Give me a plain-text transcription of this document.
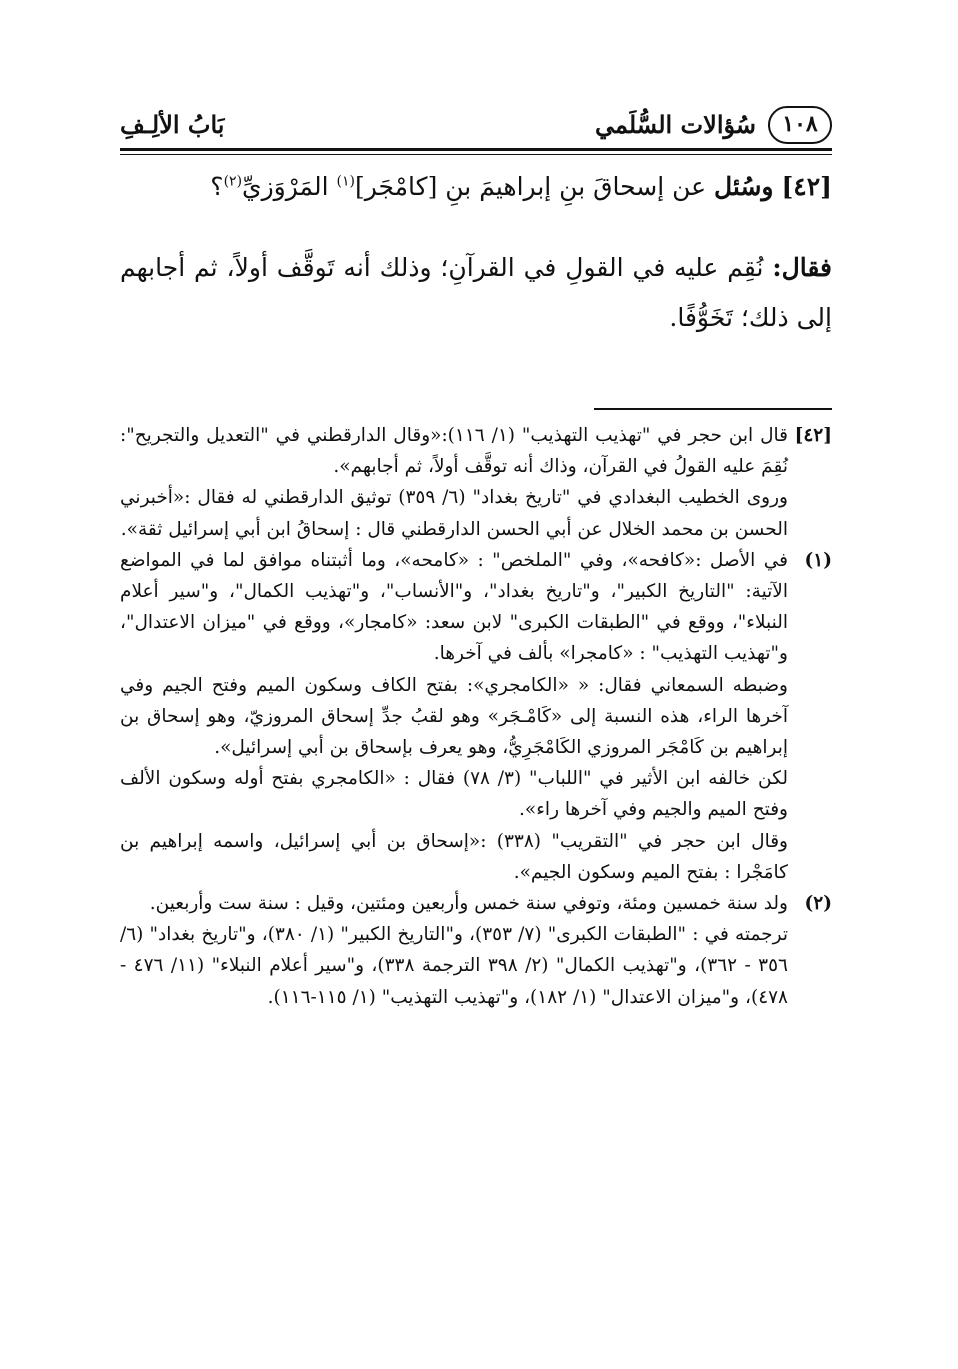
١٠٨
سُؤالات السُّلَمي
بَابُ الألِـفِ

[٤٢] وسُئل عن إسحاقَ بنِ إبراهيمَ بنِ [كامْجَر]$^{(١)}$ المَرْوَزيِّ$^{(٢)}$؟

فقال: نُقِم عليه في القولِ في القرآنِ؛ وذلك أنه تَوقَّف أولاً، ثم أجابهم إلى ذلك؛ تَخَوُّفًا.

[٤٢]

قال ابن حجر في "تهذيب التهذيب" (١/ ١١٦):«وقال الدارقطني في "التعديل والتجريح": نُقِمَ عليه القولُ في القرآن، وذاك أنه توقَّف أولاً، ثم أجابهم».

وروى الخطيب البغدادي في "تاريخ بغداد" (٦/ ٣٥٩) توثيق الدارقطني له فقال :«أخبرني الحسن بن محمد الخلال عن أبي الحسن الدارقطني قال : إسحاقُ ابن أبي إسرائيل ثقة».

(١)

في الأصل :«كافحه»، وفي "الملخص" : «كامحه»، وما أثبتناه موافق لما في المواضع الآتية: "التاريخ الكبير"، و"تاريخ بغداد"، و"الأنساب"، و"تهذيب الكمال"، و"سير أعلام النبلاء"، ووقع في "الطبقات الكبرى" لابن سعد: «كامجار»، ووقع في "ميزان الاعتدال"، و"تهذيب التهذيب" : «كامجرا» بألف في آخرها.

وضبطه السمعاني فقال: « «الكامجري»: بفتح الكاف وسكون الميم وفتح الجيم وفي آخرها الراء، هذه النسبة إلى «كَامْـجَر» وهو لقبُ جدِّ إسحاق المروزيّ، وهو إسحاق بن إبراهيم بن كَامْجَر المروزي الكَامْجَرِيُّ، وهو يعرف بإسحاق بن أبي إسرائيل».

لكن خالفه ابن الأثير في "اللباب" (٣/ ٧٨) فقال : «الكامجري بفتح أوله وسكون الألف وفتح الميم والجيم وفي آخرها راء».

وقال ابن حجر في "التقريب" (٣٣٨) :«إسحاق بن أبي إسرائيل، واسمه إبراهيم بن كامَجْرا : بفتح الميم وسكون الجيم».

(٢)

ولد سنة خمسين ومئة، وتوفي سنة خمس وأربعين ومئتين، وقيل : سنة ست وأربعين.

ترجمته في : "الطبقات الكبرى" (٧/ ٣٥٣)، و"التاريخ الكبير" (١/ ٣٨٠)، و"تاريخ بغداد" (٦/ ٣٥٦ - ٣٦٢)، و"تهذيب الكمال" (٢/ ٣٩٨ الترجمة ٣٣٨)، و"سير أعلام النبلاء" (١١/ ٤٧٦ - ٤٧٨)، و"ميزان الاعتدال" (١/ ١٨٢)، و"تهذيب التهذيب" (١/ ١١٥-١١٦).
